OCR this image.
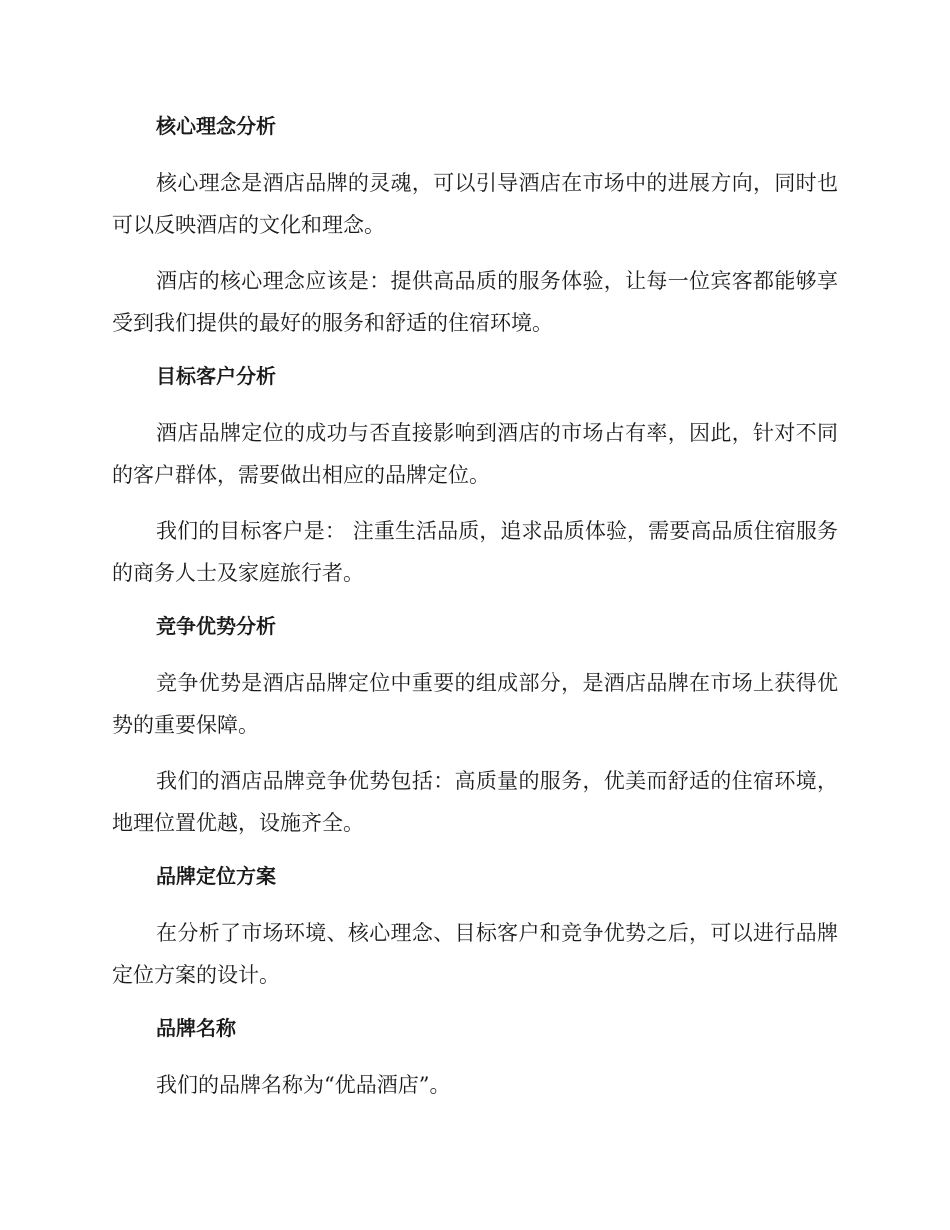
核心理念分析

核心理念是酒店品牌的灵魂，可以引导酒店在市场中的进展方向，同时也可以反映酒店的文化和理念。

酒店的核心理念应该是：提供高品质的服务体验，让每一位宾客都能够享受到我们提供的最好的服务和舒适的住宿环境。

目标客户分析

酒店品牌定位的成功与否直接影响到酒店的市场占有率，因此，针对不同的客户群体，需要做出相应的品牌定位。

我们的目标客户是： 注重生活品质，追求品质体验，需要高品质住宿服务的商务人士及家庭旅行者。

竞争优势分析

竞争优势是酒店品牌定位中重要的组成部分，是酒店品牌在市场上获得优势的重要保障。

我们的酒店品牌竞争优势包括：高质量的服务，优美而舒适的住宿环境，地理位置优越，设施齐全。

品牌定位方案

在分析了市场环境、核心理念、目标客户和竞争优势之后，可以进行品牌定位方案的设计。

品牌名称

我们的品牌名称为“优品酒店”。
